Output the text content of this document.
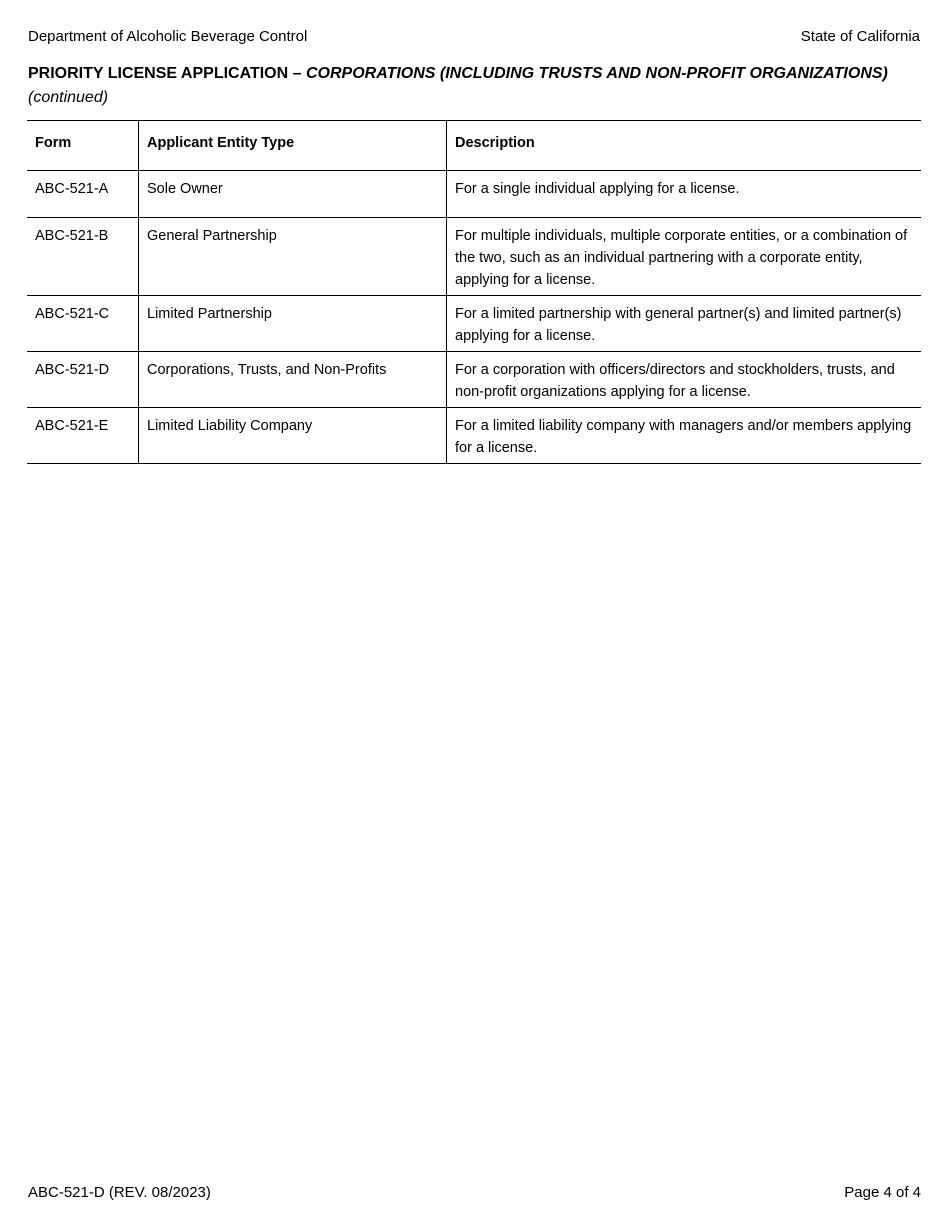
Department of Alcoholic Beverage Control	State of California
PRIORITY LICENSE APPLICATION – CORPORATIONS (INCLUDING TRUSTS AND NON-PROFIT ORGANIZATIONS) (continued)
Form	Applicant Entity Type	Description
ABC-521-A	Sole Owner	For a single individual applying for a license.
ABC-521-B	General Partnership	For multiple individuals, multiple corporate entities, or a combination of the two, such as an individual partnering with a corporate entity, applying for a license.
ABC-521-C	Limited Partnership	For a limited partnership with general partner(s) and limited partner(s) applying for a license.
ABC-521-D	Corporations, Trusts, and Non-Profits	For a corporation with officers/directors and stockholders, trusts, and non-profit organizations applying for a license.
ABC-521-E	Limited Liability Company	For a limited liability company with managers and/or members applying for a license.
ABC-521-D (REV. 08/2023)	Page 4 of 4
